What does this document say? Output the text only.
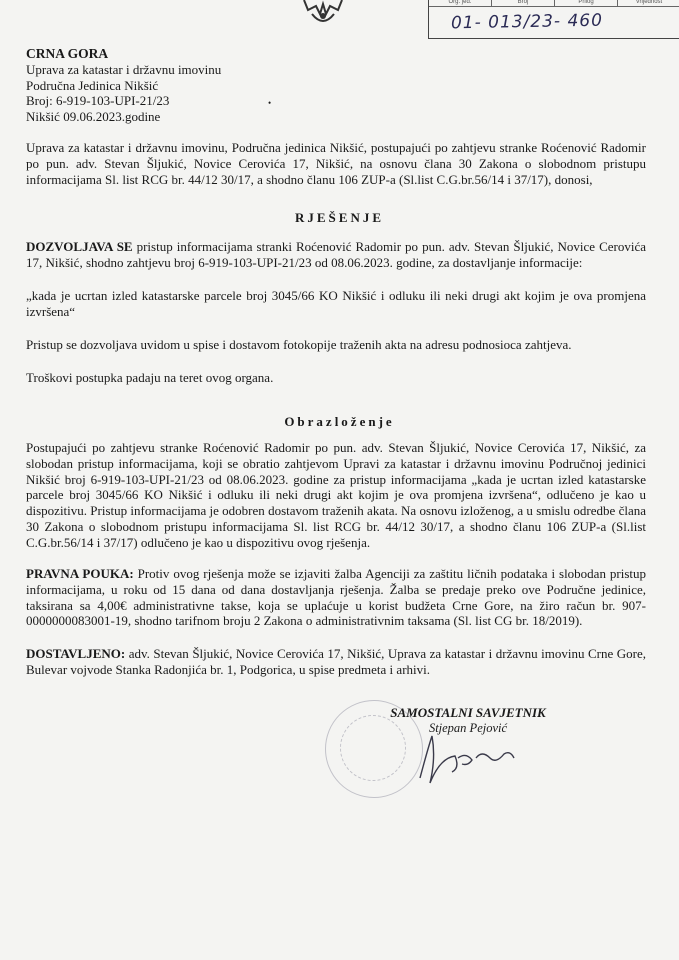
Org. jed.	Broj	Prilog	Vrijednost
01- 013/23- 460
CRNA GORA
Uprava za katastar i državnu imovinu
Područna Jedinica Nikšić
Broj: 6-919-103-UPI-21/23
Nikšić 09.06.2023.godine
•
Uprava za katastar i državnu imovinu, Područna jedinica Nikšić, postupajući po zahtjevu stranke Roćenović Radomir po pun. adv. Stevan Šljukić, Novice Cerovića 17, Nikšić, na osnovu člana 30 Zakona o slobodnom pristupu informacijama Sl. list RCG br. 44/12 30/17, a shodno članu 106 ZUP-a (Sl.list C.G.br.56/14 i 37/17), donosi,
RJEŠENJE
DOZVOLJAVA SE pristup informacijama stranki Roćenović Radomir po pun. adv. Stevan Šljukić, Novice Cerovića 17, Nikšić, shodno zahtjevu broj 6-919-103-UPI-21/23 od 08.06.2023. godine, za dostavljanje informacije:
„kada je ucrtan izled katastarske parcele broj 3045/66 KO Nikšić i odluku ili neki drugi akt kojim je ova promjena izvršena“
Pristup se dozvoljava uvidom u spise i dostavom fotokopije traženih akta na adresu podnosioca zahtjeva.
Troškovi postupka padaju na teret ovog organa.
Obrazloženje
Postupajući po zahtjevu stranke Roćenović Radomir po pun. adv. Stevan Šljukić, Novice Cerovića 17, Nikšić, za slobodan pristup informacijama, koji se obratio zahtjevom Upravi za katastar i državnu imovinu Područnoj jedinici Nikšić broj 6-919-103-UPI-21/23 od 08.06.2023. godine za pristup informacijama „kada je ucrtan izled katastarske parcele broj 3045/66 KO Nikšić i odluku ili neki drugi akt kojim je ova promjena izvršena“, odlučeno je kao u dispozitivu. Pristup informacijama je odobren dostavom traženih akata. Na osnovu izloženog, a u smislu odredbe člana 30 Zakona o slobodnom pristupu informacijama Sl. list RCG br. 44/12 30/17, a shodno članu 106 ZUP-a (Sl.list C.G.br.56/14 i 37/17) odlučeno je kao u dispozitivu ovog rješenja.
PRAVNA POUKA: Protiv ovog rješenja može se izjaviti žalba Agenciji za zaštitu ličnih podataka i slobodan pristup informacijama, u roku od 15 dana od dana dostavljanja rješenja. Žalba se predaje preko ove Područne jedinice, taksirana sa 4,00€ administrativne takse, koja se uplaćuje u korist budžeta Crne Gore, na žiro račun br. 907-0000000083001-19, shodno tarifnom broju 2 Zakona o administrativnim taksama (Sl. list CG br. 18/2019).
DOSTAVLJENO: adv. Stevan Šljukić, Novice Cerovića 17, Nikšić, Uprava za katastar i državnu imovinu Crne Gore, Bulevar vojvode Stanka Radonjića br. 1, Podgorica, u spise predmeta i arhivi.
SAMOSTALNI SAVJETNIK
Stjepan Pejović
